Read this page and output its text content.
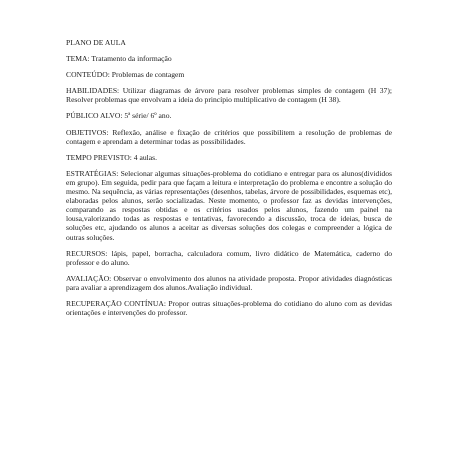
PLANO DE AULA

TEMA: Tratamento da informação

CONTEÚDO: Problemas de contagem

HABILIDADES: Utilizar diagramas de árvore para resolver problemas simples de contagem (H 37); Resolver problemas que envolvam a ideia do princípio multiplicativo de contagem (H 38).

PÚBLICO ALVO: 5ª série/ 6º ano.

OBJETIVOS: Reflexão, análise e fixação de critérios que possibilitem a resolução de problemas de contagem e aprendam a determinar todas as possibilidades.

TEMPO PREVISTO: 4 aulas.

ESTRATÉGIAS: Selecionar algumas situações-problema do cotidiano e entregar para os alunos(divididos em grupo). Em seguida, pedir para que façam a leitura e interpretação do problema e encontre a solução do mesmo. Na sequência, as várias representações (desenhos, tabelas, árvore de possibilidades, esquemas etc), elaboradas pelos alunos, serão socializadas. Neste momento, o professor faz as devidas intervenções, comparando as respostas obtidas e os critérios usados pelos alunos, fazendo um painel na lousa,valorizando todas as respostas e tentativas, favorecendo a discussão, troca de ideias, busca de soluções etc, ajudando os alunos a aceitar as diversas soluções dos colegas e compreender a lógica de outras soluções.

RECURSOS: lápis, papel, borracha, calculadora comum, livro didático de Matemática, caderno do professor e do aluno.

AVALIAÇÃO: Observar o envolvimento dos alunos na atividade proposta. Propor atividades diagnósticas para avaliar a aprendizagem dos alunos.Avaliação individual.

RECUPERAÇÃO CONTÍNUA: Propor outras situações-problema do cotidiano do aluno com as devidas orientações e intervenções do professor.
